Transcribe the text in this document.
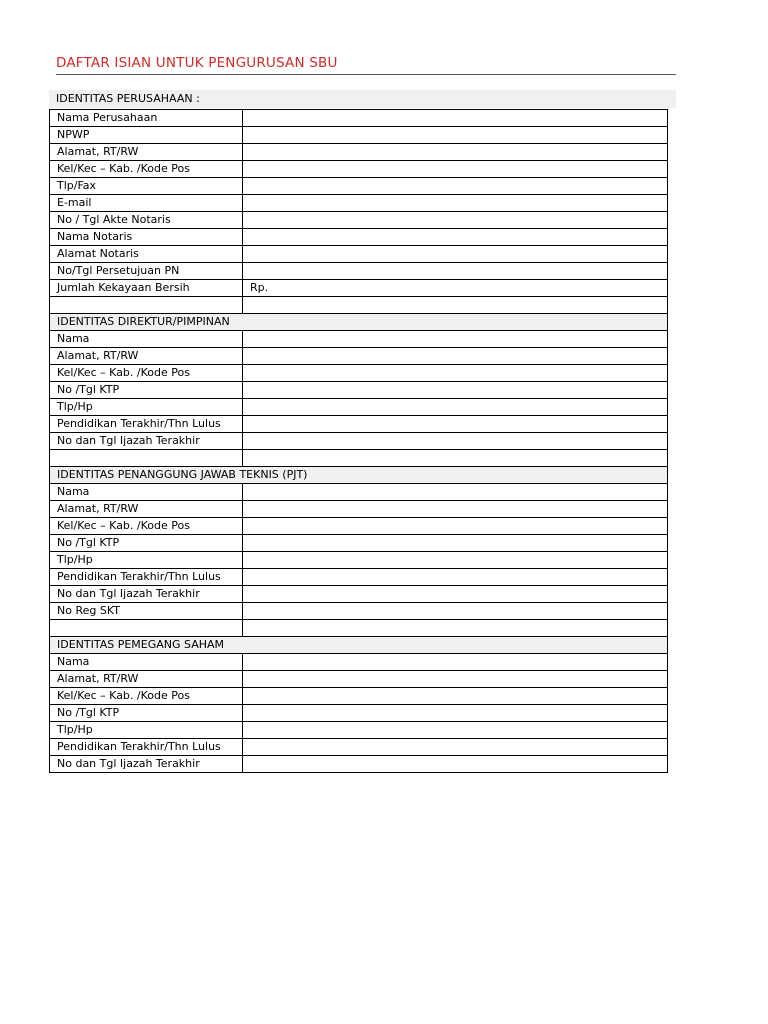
DAFTAR ISIAN UNTUK PENGURUSAN SBU
IDENTITAS PERUSAHAAN :
Nama Perusahaan	
NPWP	
Alamat, RT/RW	
Kel/Kec – Kab. /Kode Pos	
Tlp/Fax	
E-mail	
No / Tgl Akte Notaris	
Nama Notaris	
Alamat Notaris	
No/Tgl Persetujuan PN	
Jumlah Kekayaan Bersih	Rp.

IDENTITAS DIREKTUR/PIMPINAN	
Nama	
Alamat, RT/RW	
Kel/Kec – Kab. /Kode Pos	
No /Tgl KTP	
Tlp/Hp	
Pendidikan Terakhir/Thn Lulus	
No dan Tgl Ijazah Terakhir	

IDENTITAS PENANGGUNG JAWAB TEKNIS (PJT)	
Nama	
Alamat, RT/RW	
Kel/Kec – Kab. /Kode Pos	
No /Tgl KTP	
Tlp/Hp	
Pendidikan Terakhir/Thn Lulus	
No dan Tgl Ijazah Terakhir	
No Reg SKT	

IDENTITAS PEMEGANG SAHAM	
Nama	
Alamat, RT/RW	
Kel/Kec – Kab. /Kode Pos	
No /Tgl KTP	
Tlp/Hp	
Pendidikan Terakhir/Thn Lulus	
No dan Tgl Ijazah Terakhir	
